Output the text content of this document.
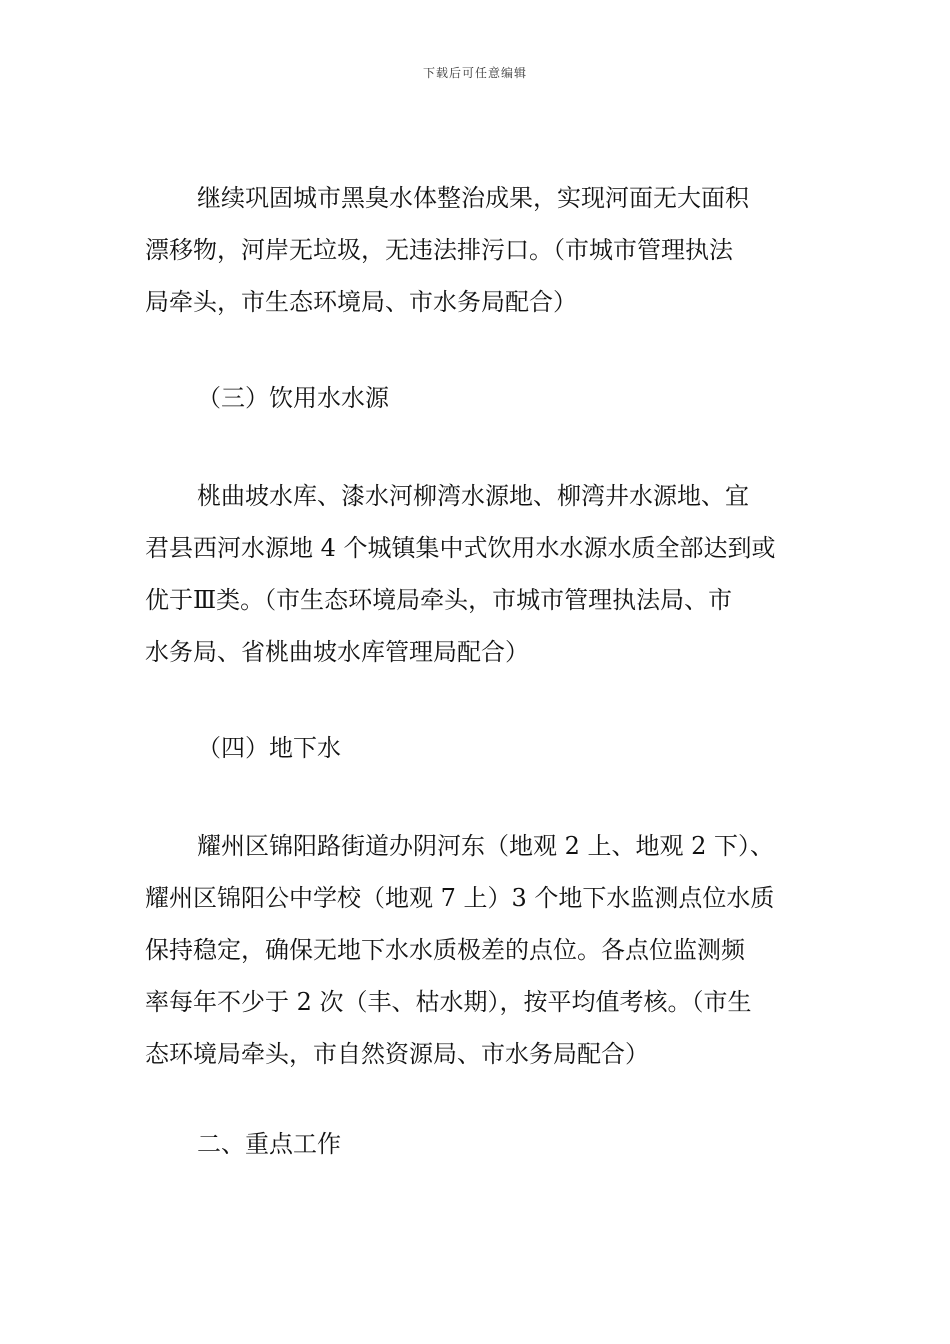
下载后可任意编辑
继续巩固城市黑臭水体整治成果，实现河面无大面积
漂移物，河岸无垃圾，无违法排污口。（市城市管理执法
局牵头，市生态环境局、市水务局配合）
（三）饮用水水源
桃曲坡水库、漆水河柳湾水源地、柳湾井水源地、宜
君县西河水源地 4 个城镇集中式饮用水水源水质全部达到或
优于Ⅲ类。（市生态环境局牵头，市城市管理执法局、市
水务局、省桃曲坡水库管理局配合）
（四）地下水
耀州区锦阳路街道办阴河东（地观 2 上、地观 2 下）、
耀州区锦阳公中学校（地观 7 上）3 个地下水监测点位水质
保持稳定，确保无地下水水质极差的点位。各点位监测频
率每年不少于 2 次（丰、枯水期），按平均值考核。（市生
态环境局牵头，市自然资源局、市水务局配合）
二、重点工作
